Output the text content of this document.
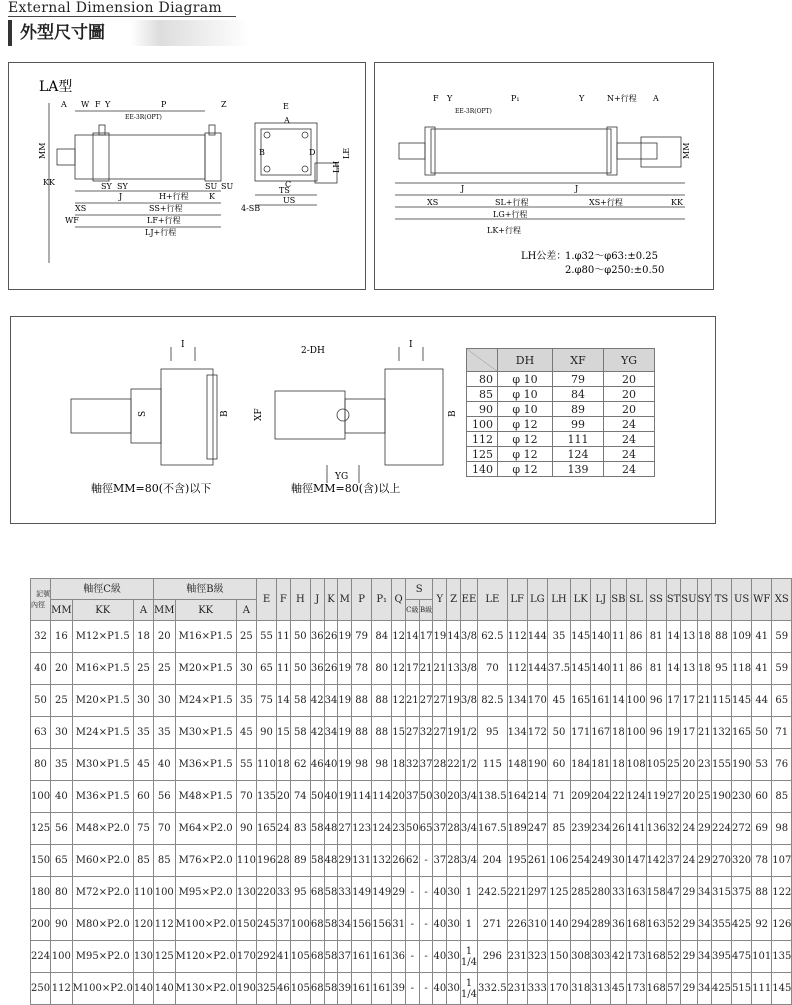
External Dimension Diagram
外型尺寸圖
LA型
A W F Y	P	Z
EE-3R(OPT)
MM
KK	SY SY
J	H+行程
SU SU
K
XS	SS+行程
WF	LF+行程
LJ+行程
E
A
B
C
D	LE
LH
TS
US
4-SB
F Y	P₁	Y	N+行程 A
EE-3R(OPT)
MM
KK
J	J
XS	SL+行程	XS+行程
LG+行程
LK+行程
LH公差：
1.φ32～φ63:±0.25
2.φ80～φ250:±0.50
I
S	B
2-DH
I
XF	B
YG
軸徑MM=80(不含)以下	軸徑MM=80(含)以上
	DH	XF	YG
80	φ 10	79	20
85	φ 10	84	20
90	φ 10	89	20
100	φ 12	99	24
112	φ 12	111	24
125	φ 12	124	24
140	φ 12	139	24
記號
內徑	軸徑C級			軸徑B級			E	F	H	J	K	M	P	P₁	Q	S		Y	Z	EE	LE	LF	LG	LH	LK	LJ	SB	SL	SS	ST	SU	SY	TS	US	WF	XS
	MM	KK	A	MM	KK	A										C級	B級																			
32	16	M12×P1.5	18	20	M16×P1.5	25	55	11	50	36	26	19	79	84	12	14	17	19	14	3/8	62.5	112	144	35	145	140	11	86	81	14	13	18	88	109	41	59
40	20	M16×P1.5	25	25	M20×P1.5	30	65	11	50	36	26	19	78	80	12	17	21	21	13	3/8	70	112	144	37.5	145	140	11	86	81	14	13	18	95	118	41	59
50	25	M20×P1.5	30	30	M24×P1.5	35	75	14	58	42	34	19	88	88	12	21	27	27	19	3/8	82.5	134	170	45	165	161	14	100	96	17	17	21	115	145	44	65
63	30	M24×P1.5	35	35	M30×P1.5	45	90	15	58	42	34	19	88	88	15	27	32	27	19	1/2	95	134	172	50	171	167	18	100	96	19	17	21	132	165	50	71
80	35	M30×P1.5	45	40	M36×P1.5	55	110	18	62	46	40	19	98	98	18	32	37	28	22	1/2	115	148	190	60	184	181	18	108	105	25	20	23	155	190	53	76
100	40	M36×P1.5	60	56	M48×P1.5	70	135	20	74	50	40	19	114	114	20	37	50	30	20	3/4	138.5	164	214	71	209	204	22	124	119	27	20	25	190	230	60	85
125	56	M48×P2.0	75	70	M64×P2.0	90	165	24	83	58	48	27	123	124	23	50	65	37	28	3/4	167.5	189	247	85	239	234	26	141	136	32	24	29	224	272	69	98
150	65	M60×P2.0	85	85	M76×P2.0	110	196	28	89	58	48	29	131	132	26	62	-	37	28	3/4	204	195	261	106	254	249	30	147	142	37	24	29	270	320	78	107
180	80	M72×P2.0	110	100	M95×P2.0	130	220	33	95	68	58	33	149	149	29	-	-	40	30	1	242.5	221	297	125	285	280	33	163	158	47	29	34	315	375	88	122
200	90	M80×P2.0	120	112	M100×P2.0	150	245	37	100	68	58	34	156	156	31	-	-	40	30	1	271	226	310	140	294	289	36	168	163	52	29	34	355	425	92	126
224	100	M95×P2.0	130	125	M120×P2.0	170	292	41	105	68	58	37	161	161	36	-	-	40	30	1 1/4	296	231	323	150	308	303	42	173	168	52	29	34	395	475	101	135
250	112	M100×P2.0	140	140	M130×P2.0	190	325	46	105	68	58	39	161	161	39	-	-	40	30	1 1/4	332.5	231	333	170	318	313	45	173	168	57	29	34	425	515	111	145
